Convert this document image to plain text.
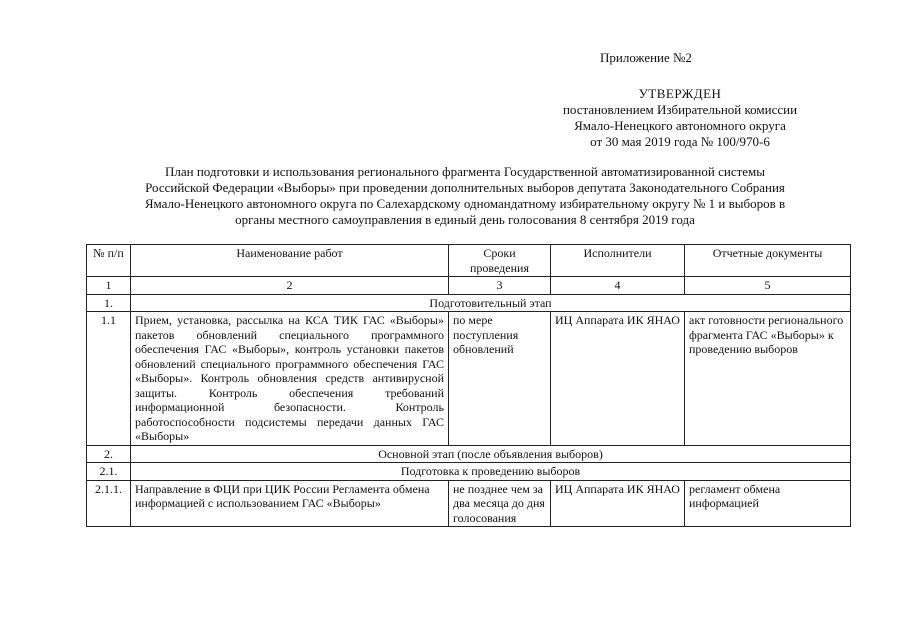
Приложение №2
УТВЕРЖДЕН
постановлением Избирательной комиссии
Ямало-Ненецкого автономного округа
от 30 мая 2019 года № 100/970-6
План подготовки и использования регионального фрагмента Государственной автоматизированной системы
Российской Федерации «Выборы» при проведении дополнительных выборов депутата Законодательного Собрания
Ямало-Ненецкого автономного округа по Салехардскому одномандатному избирательному округу № 1 и выборов в
органы местного самоуправления в единый день голосования 8 сентября 2019 года
№ п/п	Наименование работ	Сроки проведения	Исполнители	Отчетные документы
1	2	3	4	5
1.	Подготовительный этап			
1.1	Прием, установка, рассылка на КСА ТИК ГАС «Выборы» пакетов обновлений специального программного обеспечения ГАС «Выборы», контроль установки пакетов обновлений специального программного обеспечения ГАС «Выборы». Контроль обновления средств антивирусной защиты. Контроль обеспечения требований информационной безопасности. Контроль работоспособности подсистемы передачи данных ГАС «Выборы»	по мере поступления обновлений	ИЦ Аппарата ИК ЯНАО	акт готовности регионального фрагмента ГАС «Выборы» к проведению выборов
2.	Основной этап (после объявления выборов)			
2.1.	Подготовка к проведению выборов			
2.1.1.	Направление в ФЦИ при ЦИК России Регламента обмена информацией с использованием ГАС «Выборы»	не позднее чем за два месяца до дня голосования	ИЦ Аппарата ИК ЯНАО	регламент обмена информацией
